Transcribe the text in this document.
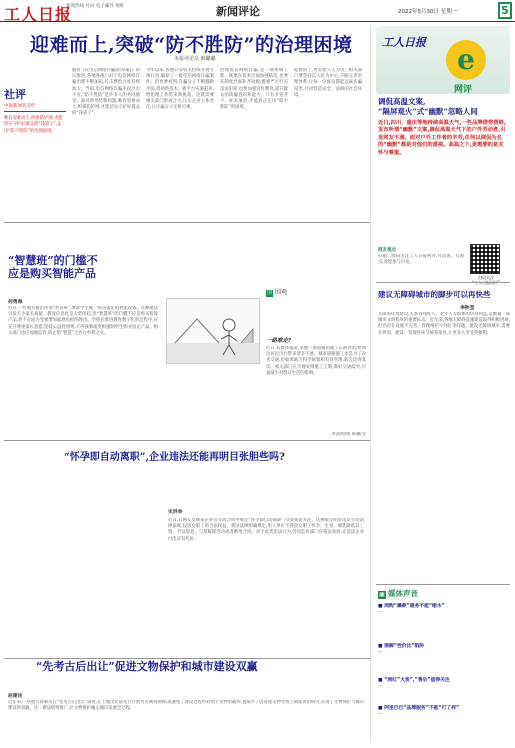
工人日报
新闻热线 号码 电子邮件 地址	新闻评论	2022年5月30日 星期一	5
迎难而上,突破“防不胜防”的治理困境
本报评论员 韩璐璐
社评
中国新闻名专栏
唯有迎难而上,织密防护网,才能切实守护好群众的“钱袋子”,走出“防不胜防”的治理困境。
随着《反电信网络诈骗法(草案)》审议推进,各地各部门对于电信网络诈骗治理不断加码,打击整治力度持续加大。当前,电信网络诈骗手段层出不穷,“防不胜防”是许多人的共同感受。面对新形势新问题,唯有迎难而上,织密防护网,才能切实守护好群众的“钱袋子”。
今年以来,各地公安机关持续开展专项行动,破获了一批电信网络诈骗案件。但也要看到,诈骗分子不断翻新手法,借助新技术、新平台实施犯罪,给治理工作带来新挑战。这就需要相关部门形成合力,压实企业主体责任,让诈骗分子无机可乘。
治理电信网络诈骗,是一项系统工程。既要在技术层面加强防范,也要在制度层面补齐短板;既要严厉打击违法犯罪,也要加强宣传教育,提升群众的防骗意识和能力。只有多管齐下、标本兼治,才能真正走出“防不胜防”的困境。
迎难而上,更需要久久为功。相关部门要坚持以人民为中心,不断完善治理体系,让每一位群众都能远离诈骗侵害,共同营造安全、清朗的社会环境。
“智慧班”的门槛不应是购买智能产品
何勇海
近日,一些地方推出所谓“智慧班”,要求学生统一购买指定的智能设备。这种做法引发不少家长质疑。教育信息化是大势所趋,但“智慧班”的门槛不应是购买智能产品,更不应成为变相增加家庭负担的理由。学校在推进教育数字化的过程中,应充分尊重家长意愿,坚持公益性原则,不得强制或变相强制学生购买指定产品。相关部门也应加强监管,防止借“智慧”之名行牟利之实。
围 围观
一路难走?
近日,有媒体报道,某地一条道路因施工长期封闭,给周边居民出行带来诸多不便。城市道路施工本是为了改善交通,但如果缺乏科学规划和有效管理,就会适得其反。相关部门应合理安排施工工期,做好交通疏导,尽量减少对群众生活的影响。
李法明/图 韩璐/文
“怀孕即自动离职”,企业违法还能再明目张胆些吗?
史洪举
近日,有网友反映某企业在劳动合同中规定“怀孕即自动离职”,引发舆论关注。这种规定明显违反劳动法律法规,侵害女职工的合法权益。我国法律明确规定,用人单位不得因女职工怀孕、生育、哺乳降低其工资、予以辞退、与其解除劳动或者聘用合同。对于此类违法行为,劳动监察部门应依法查处,让违法企业付出应有代价。
“先考古后出让”促进文物保护和城市建设双赢
赵建民
近年来,一些地方探索实行“先考古后出让”制度,在土地出让前先行开展考古调查勘探,既避免了建设过程中对地下文物的破坏,也减少了因发现文物导致工期延误的情况,实现了文物保护与城市建设的双赢。这一做法值得推广,让文物保护融入城市发展全过程。
工人日报
e
网评
调侃高温文案,
“隔屏观火”式“幽默”忽略人间
近日,四川、重庆等地持续高温天气,一些品牌借势营销,发布所谓“幽默”文案,调侃高温天气下的户外劳动者,引发网友不满。面对户外工作者的辛劳,任何以调侃为名的“幽默”都是对他们的漠视。高温之下,更需要的是关怀与尊重。
网友观点
扫描二维码关注工人日报网评,有话说、有观点,欢迎参与讨论。
扫码关注

建议无障碍城市的脚步可以再快些
李秋莹
无障碍环境建设,关系到残疾人、老年人等群体的切身利益,是衡量一座城市文明程度的重要标志。近年来,各地无障碍设施建设取得积极进展,但仍存在设施不完善、管理维护不到位等问题。建设无障碍城市,需要在规划、建设、管理各环节统筹推进,让更多人享受到便利。
▣ 媒体声音
■ 网购“爆款”服务不能“缩水”
—
■ 图解“性价比”陷阱
—
■ “网红”大货”,“售后”值得关注
—
■ 阿里巴巴“品牌服务”不能“打了样”
—
